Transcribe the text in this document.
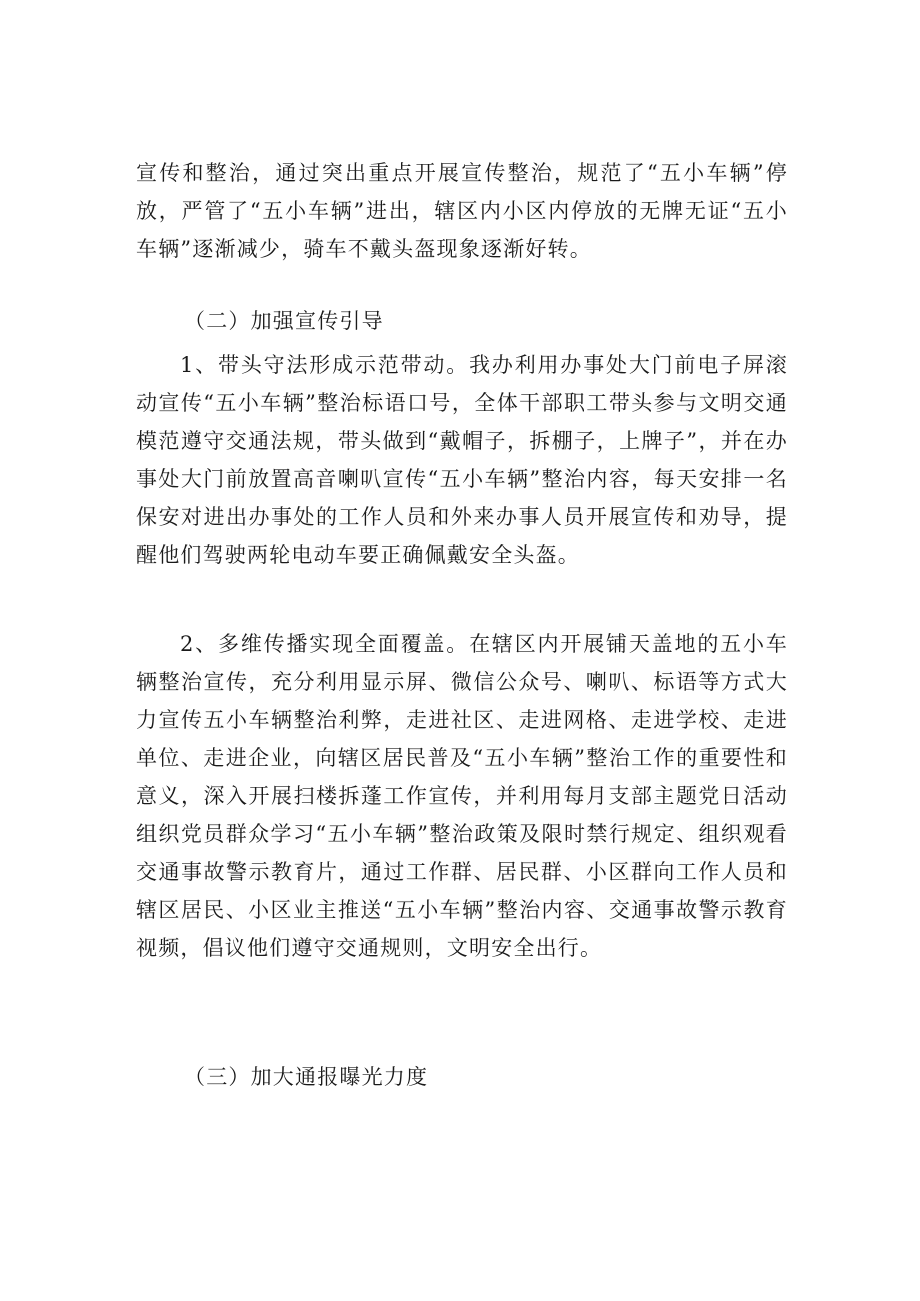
宣传和整治，通过突出重点开展宣传整治，规范了“五小车辆”停放，严管了“五小车辆”进出，辖区内小区内停放的无牌无证“五小车辆”逐渐减少，骑车不戴头盔现象逐渐好转。

（二）加强宣传引导

1、带头守法形成示范带动。我办利用办事处大门前电子屏滚动宣传“五小车辆”整治标语口号，全体干部职工带头参与文明交通模范遵守交通法规，带头做到“戴帽子，拆棚子，上牌子”，并在办事处大门前放置高音喇叭宣传“五小车辆”整治内容，每天安排一名保安对进出办事处的工作人员和外来办事人员开展宣传和劝导，提醒他们驾驶两轮电动车要正确佩戴安全头盔。

2、多维传播实现全面覆盖。在辖区内开展铺天盖地的五小车辆整治宣传，充分利用显示屏、微信公众号、喇叭、标语等方式大力宣传五小车辆整治利弊，走进社区、走进网格、走进学校、走进单位、走进企业，向辖区居民普及“五小车辆”整治工作的重要性和意义，深入开展扫楼拆蓬工作宣传，并利用每月支部主题党日活动组织党员群众学习“五小车辆”整治政策及限时禁行规定、组织观看交通事故警示教育片，通过工作群、居民群、小区群向工作人员和辖区居民、小区业主推送“五小车辆”整治内容、交通事故警示教育视频，倡议他们遵守交通规则，文明安全出行。

（三）加大通报曝光力度
